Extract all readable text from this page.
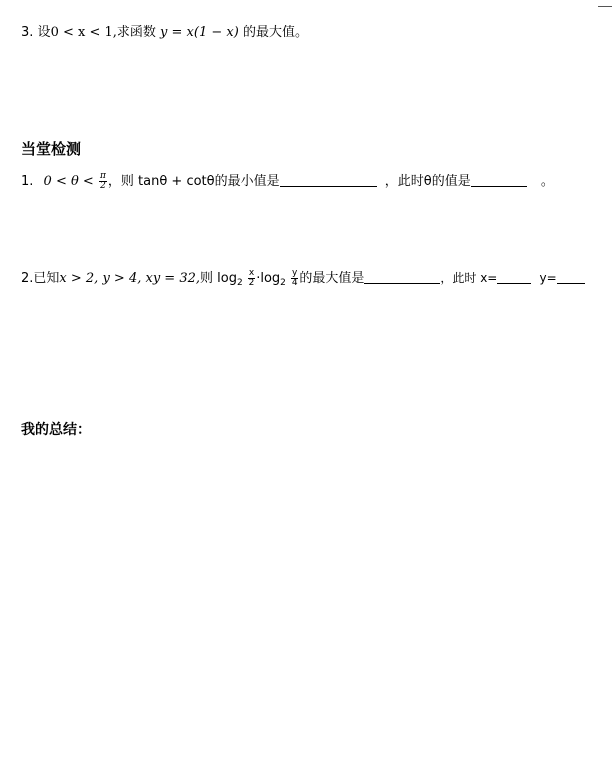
3. 设0 < x < 1,求函数 y = x(1 − x) 的最大值。
当堂检测
1. $0 < \theta < \frac{\pi}{2}$ ，则 tanθ + cotθ的最小值是	，此时θ的值是	。
2.已知x > 2, y > 4, xy = 32,则 $\log_2 \frac{x}{2} \cdot\log_2 \frac{y}{4}$ 的最大值是	，此时 x=	y=
我的总结：
